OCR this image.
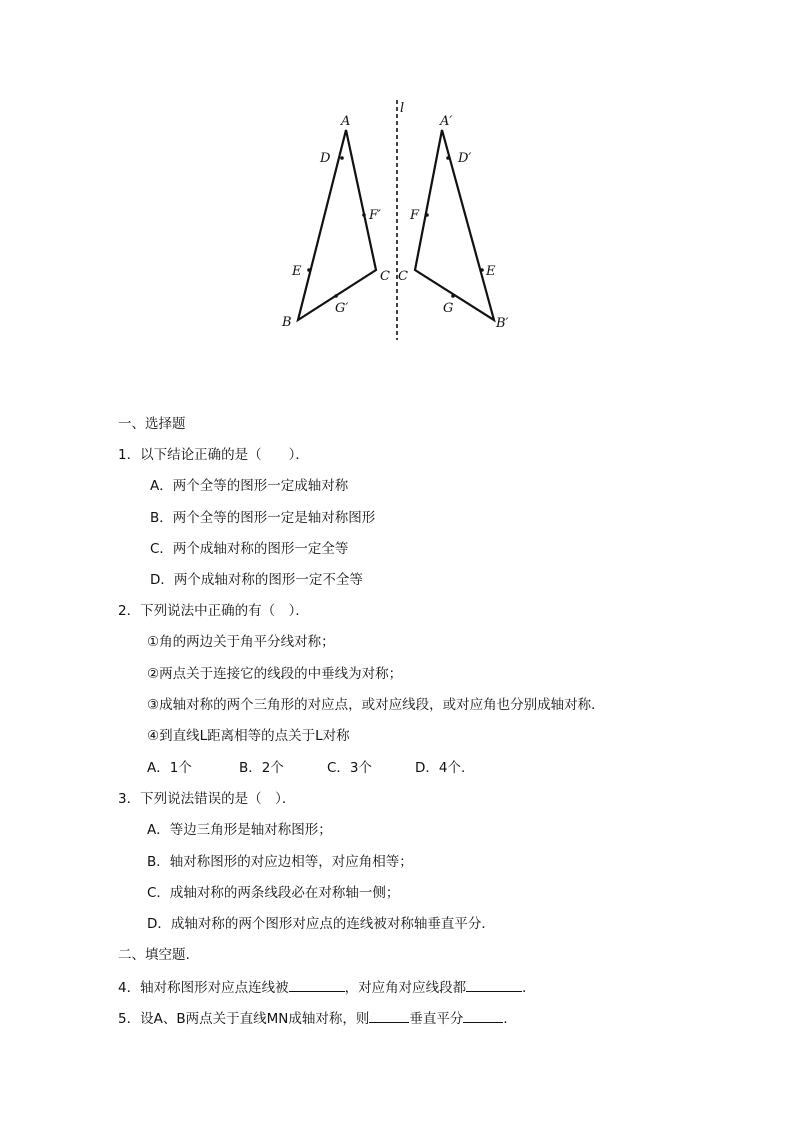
l
A
D
F′
E	C
G′
B
A′
D′
F
C	E
G
B′
一、选择题
1．以下结论正确的是（　　）．
A．两个全等的图形一定成轴对称
B．两个全等的图形一定是轴对称图形
C．两个成轴对称的图形一定全等
D．两个成轴对称的图形一定不全等
2．下列说法中正确的有（　）．
①角的两边关于角平分线对称；
②两点关于连接它的线段的中垂线为对称；
③成轴对称的两个三角形的对应点，或对应线段，或对应角也分别成轴对称．
④到直线L距离相等的点关于L对称
A．1个	B．2个	C．3个	D．4个.
3．下列说法错误的是（　）．
A．等边三角形是轴对称图形；
B．轴对称图形的对应边相等，对应角相等；
C．成轴对称的两条线段必在对称轴一侧；
D．成轴对称的两个图形对应点的连线被对称轴垂直平分．
二、填空题.
4．轴对称图形对应点连线被	，对应角对应线段都	．
5．设A、B两点关于直线MN成轴对称，则	垂直平分	．
